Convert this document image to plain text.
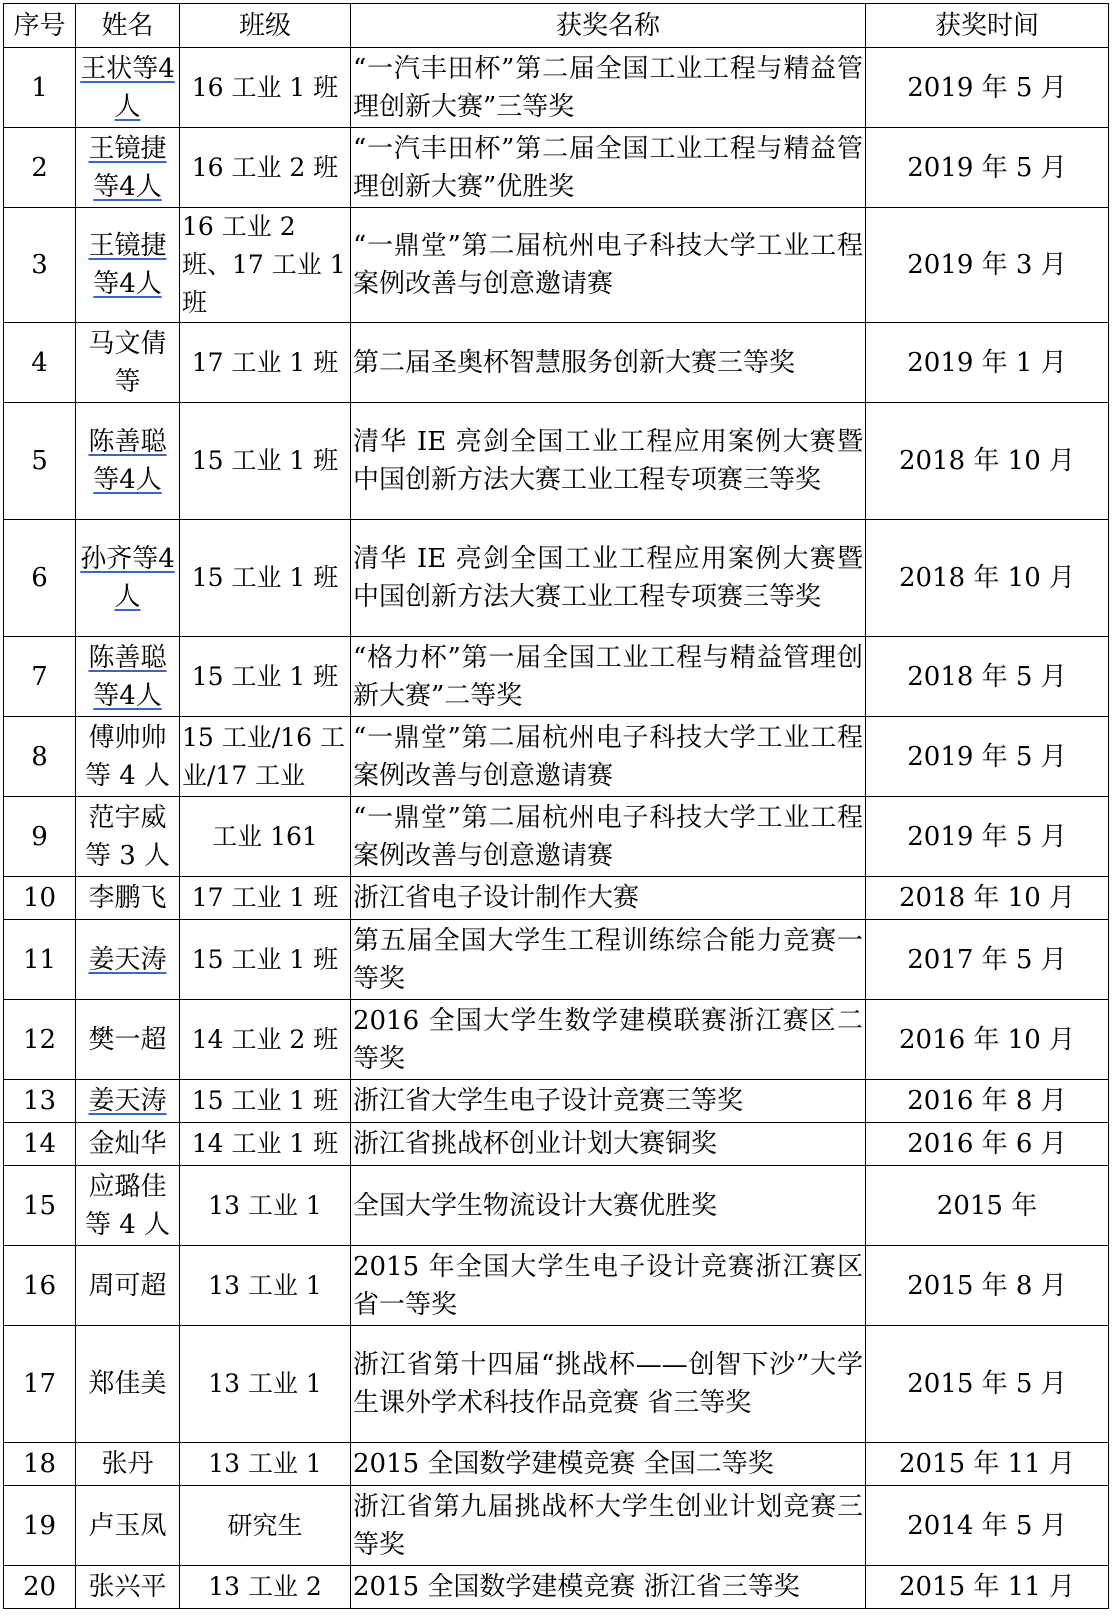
序号	姓名	班级	获奖名称	获奖时间
1	王状等4人	16 工业 1 班	“一汽丰田杯”第二届全国工业工程与精益管理创新大赛”三等奖	2019 年 5 月
2	王镜捷等4人	16 工业 2 班	“一汽丰田杯”第二届全国工业工程与精益管理创新大赛”优胜奖	2019 年 5 月
3	王镜捷等4人	16 工业 2 班、17 工业 1 班	“一鼎堂”第二届杭州电子科技大学工业工程案例改善与创意邀请赛	2019 年 3 月
4	马文倩等	17 工业 1 班	第二届圣奥杯智慧服务创新大赛三等奖	2019 年 1 月
5	陈善聪等4人	15 工业 1 班	清华 IE 亮剑全国工业工程应用案例大赛暨中国创新方法大赛工业工程专项赛三等奖	2018 年 10 月
6	孙齐等4人	15 工业 1 班	清华 IE 亮剑全国工业工程应用案例大赛暨中国创新方法大赛工业工程专项赛三等奖	2018 年 10 月
7	陈善聪等4人	15 工业 1 班	“格力杯”第一届全国工业工程与精益管理创新大赛”二等奖	2018 年 5 月
8	傅帅帅等 4 人	15 工业/16 工业/17 工业	“一鼎堂”第二届杭州电子科技大学工业工程案例改善与创意邀请赛	2019 年 5 月
9	范宇威等 3 人	工业 161	“一鼎堂”第二届杭州电子科技大学工业工程案例改善与创意邀请赛	2019 年 5 月
10	李鹏飞	17 工业 1 班	浙江省电子设计制作大赛	2018 年 10 月
11	姜天涛	15 工业 1 班	第五届全国大学生工程训练综合能力竞赛一等奖	2017 年 5 月
12	樊一超	14 工业 2 班	2016 全国大学生数学建模联赛浙江赛区二等奖	2016 年 10 月
13	姜天涛	15 工业 1 班	浙江省大学生电子设计竞赛三等奖	2016 年 8 月
14	金灿华	14 工业 1 班	浙江省挑战杯创业计划大赛铜奖	2016 年 6 月
15	应璐佳等 4 人	13 工业 1	全国大学生物流设计大赛优胜奖	2015 年
16	周可超	13 工业 1	2015 年全国大学生电子设计竞赛浙江赛区 省一等奖	2015 年 8 月
17	郑佳美	13 工业 1	浙江省第十四届“挑战杯——创智下沙”大学生课外学术科技作品竞赛 省三等奖	2015 年 5 月
18	张丹	13 工业 1	2015 全国数学建模竞赛 全国二等奖	2015 年 11 月
19	卢玉凤	研究生	浙江省第九届挑战杯大学生创业计划竞赛三等奖	2014 年 5 月
20	张兴平	13 工业 2	2015 全国数学建模竞赛 浙江省三等奖	2015 年 11 月
